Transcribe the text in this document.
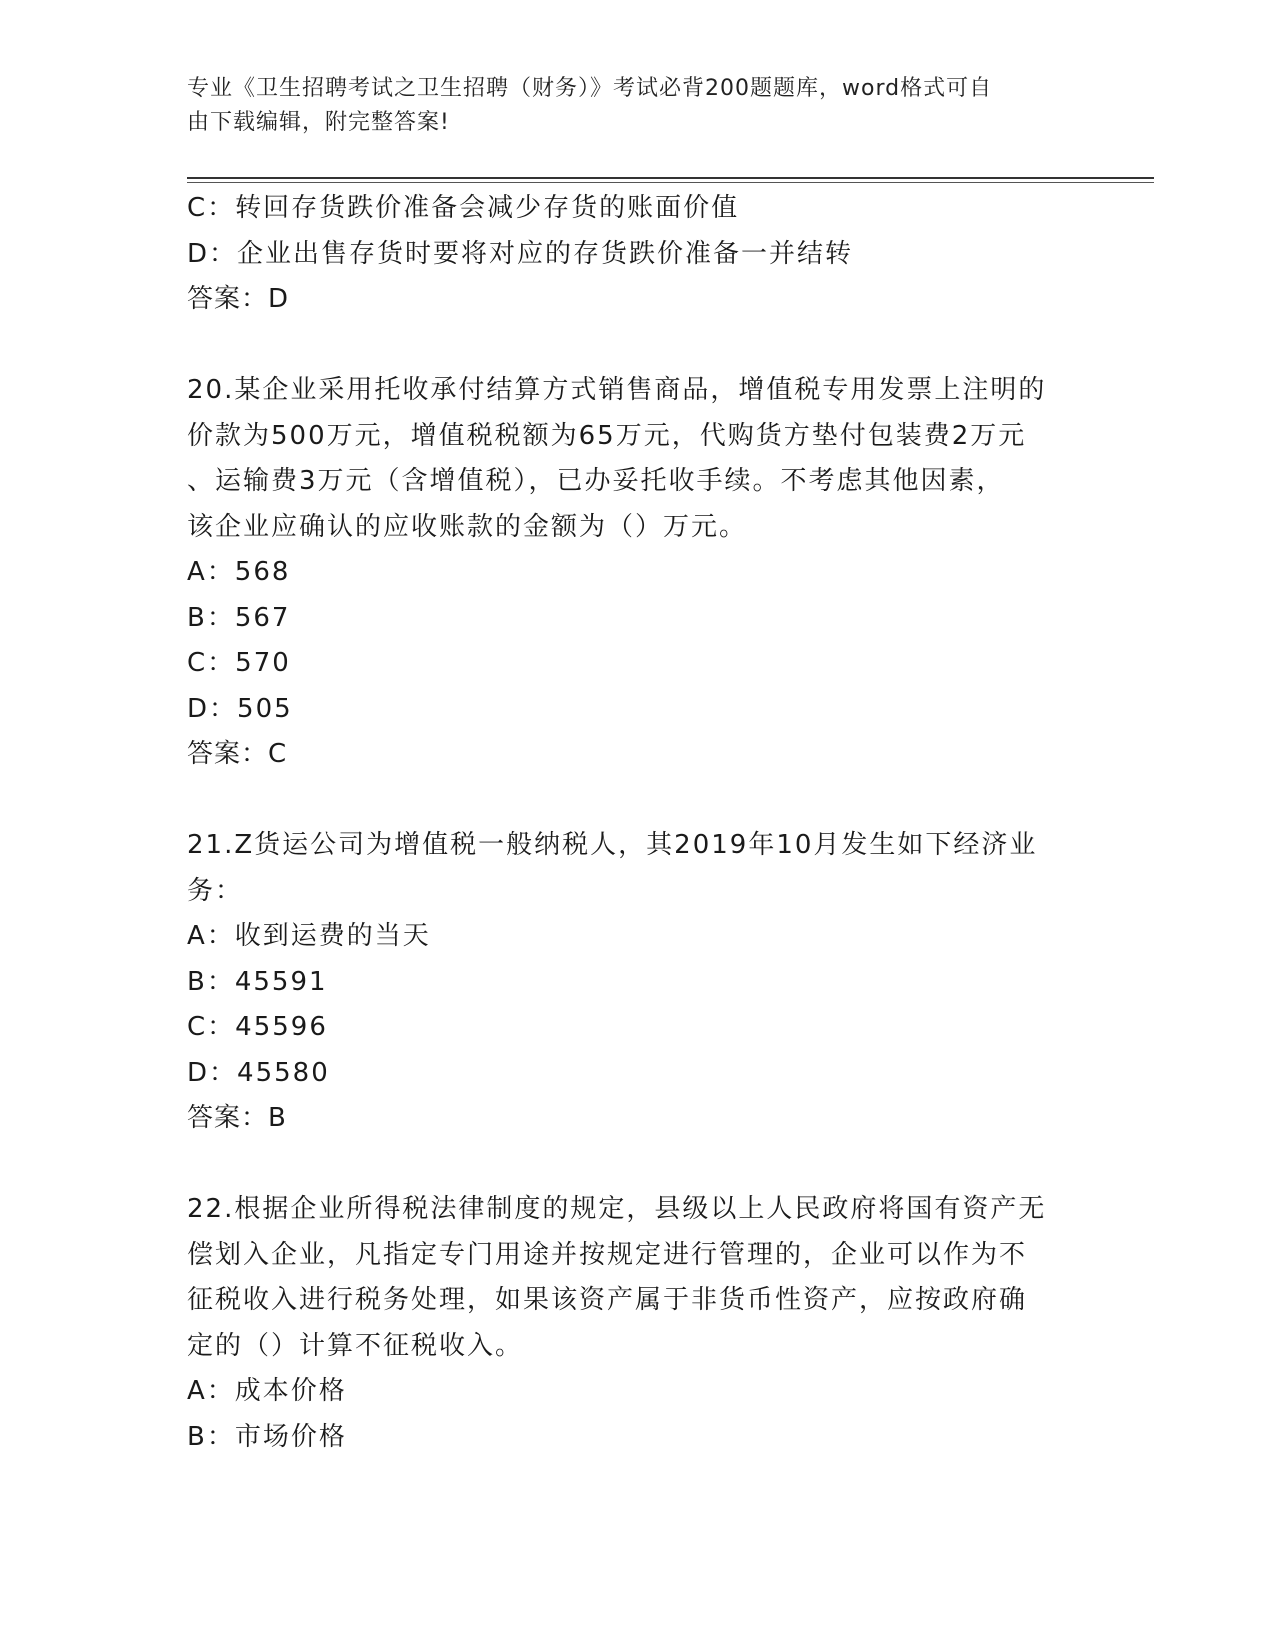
专业《卫生招聘考试之卫生招聘（财务）》考试必背200题题库，word格式可自
由下载编辑，附完整答案!
C：转回存货跌价准备会减少存货的账面价值
D：企业出售存货时要将对应的存货跌价准备一并结转
答案：D
20.某企业采用托收承付结算方式销售商品，增值税专用发票上注明的
价款为500万元，增值税税额为65万元，代购货方垫付包装费2万元
、运输费3万元（含增值税），已办妥托收手续。不考虑其他因素，
该企业应确认的应收账款的金额为（）万元。
A：568
B：567
C：570
D：505
答案：C
21.Z货运公司为增值税一般纳税人，其2019年10月发生如下经济业
务：
A：收到运费的当天
B：45591
C：45596
D：45580
答案：B
22.根据企业所得税法律制度的规定，县级以上人民政府将国有资产无
偿划入企业，凡指定专门用途并按规定进行管理的，企业可以作为不
征税收入进行税务处理，如果该资产属于非货币性资产，应按政府确
定的（）计算不征税收入。
A：成本价格
B：市场价格
